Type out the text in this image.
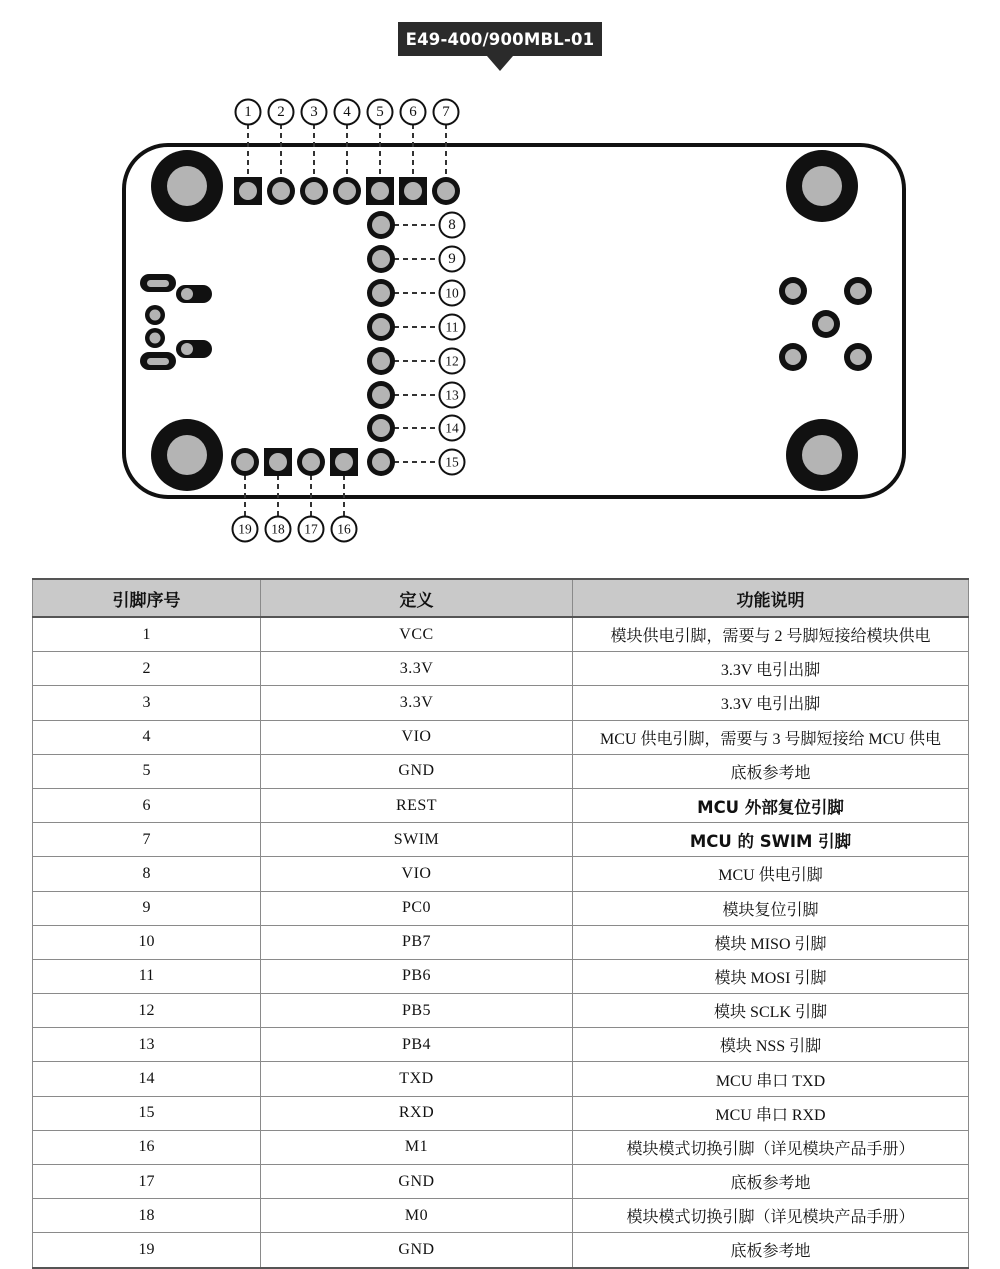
E49-400/900MBL-01
1 2 3 4 5 6 7
8
9
10
11
12
13
14
15
19 18 17 16
引脚序号	定义	功能说明
1	VCC	模块供电引脚，需要与 2 号脚短接给模块供电
2	3.3V	3.3V 电引出脚
3	3.3V	3.3V 电引出脚
4	VIO	MCU 供电引脚，需要与 3 号脚短接给 MCU 供电
5	GND	底板参考地
6	REST	MCU 外部复位引脚
7	SWIM	MCU 的 SWIM 引脚
8	VIO	MCU 供电引脚
9	PC0	模块复位引脚
10	PB7	模块 MISO 引脚
11	PB6	模块 MOSI 引脚
12	PB5	模块 SCLK 引脚
13	PB4	模块 NSS 引脚
14	TXD	MCU 串口 TXD
15	RXD	MCU 串口 RXD
16	M1	模块模式切换引脚（详见模块产品手册）
17	GND	底板参考地
18	M0	模块模式切换引脚（详见模块产品手册）
19	GND	底板参考地
